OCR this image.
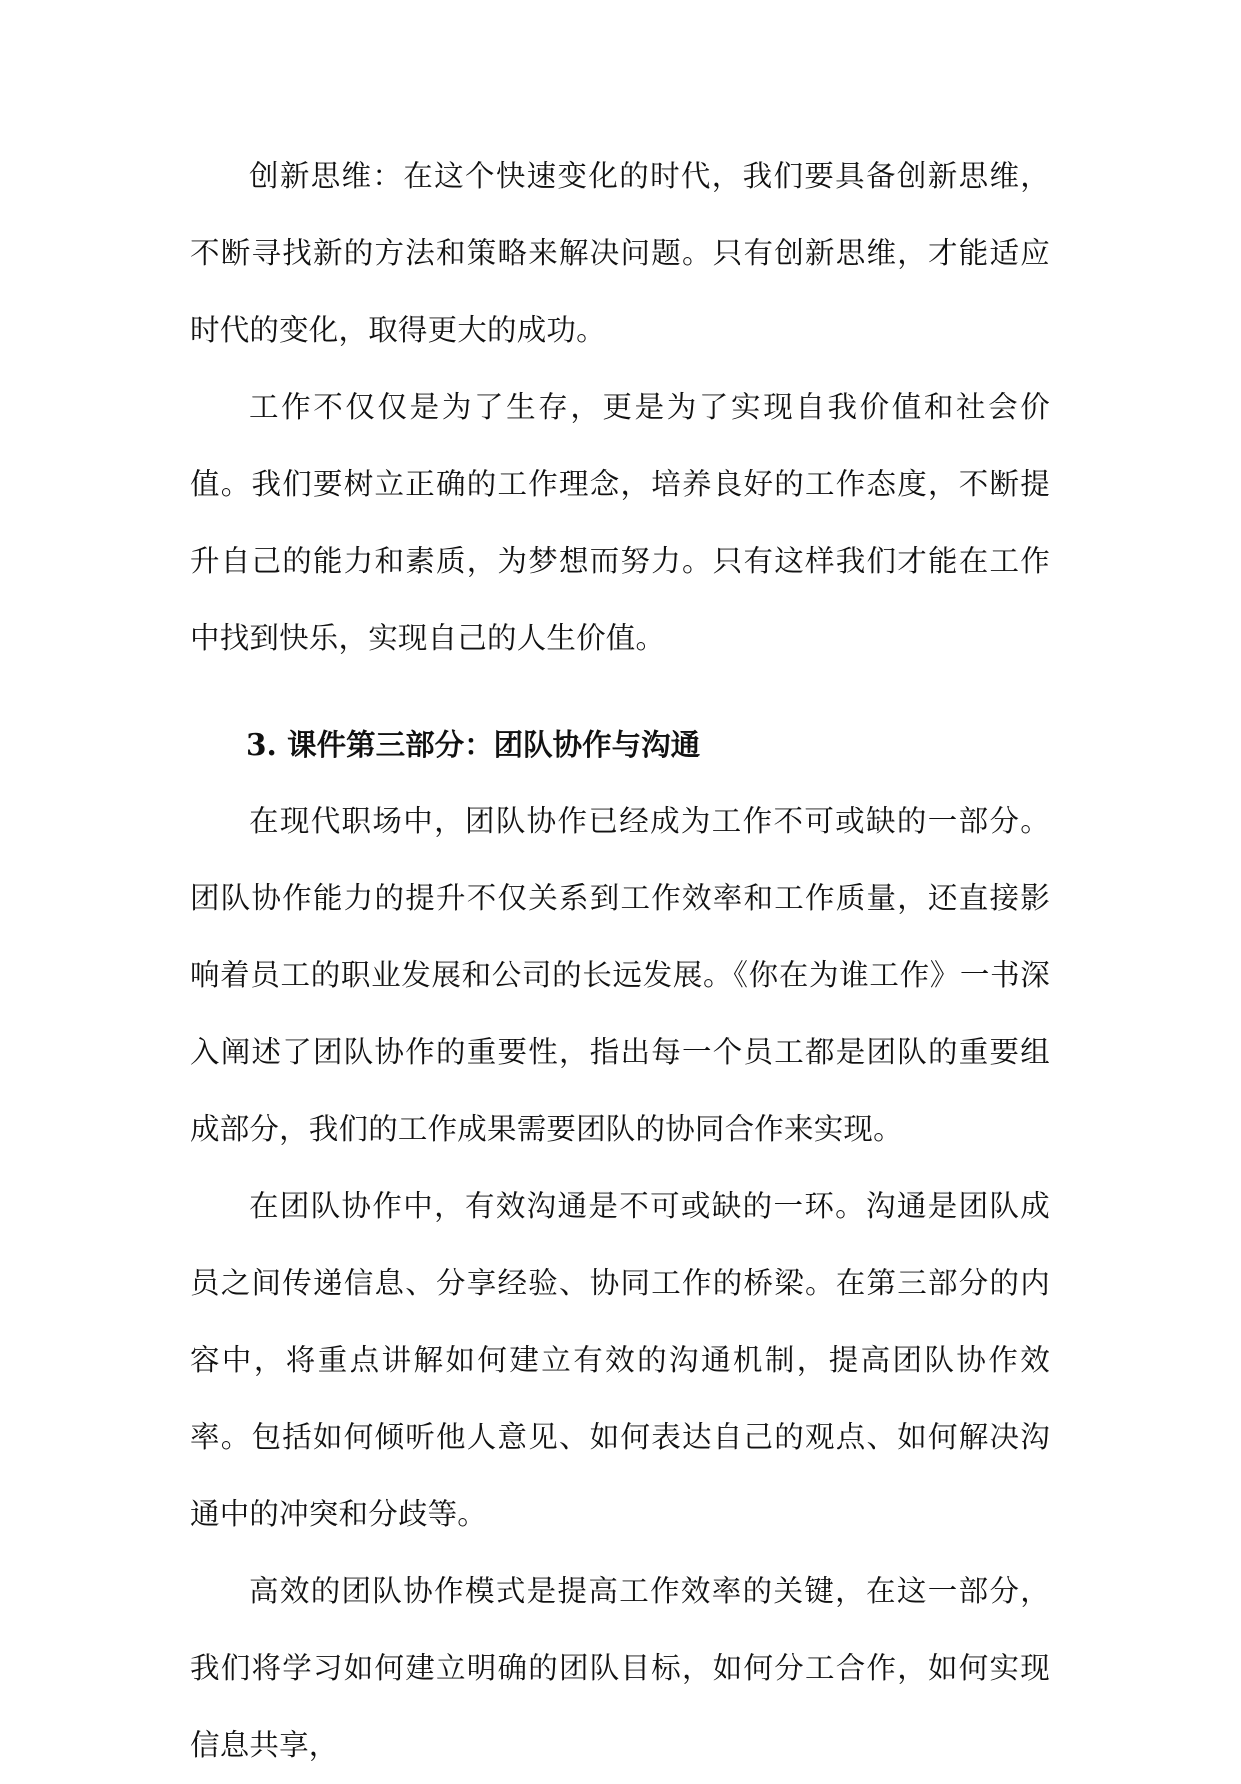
创新思维：在这个快速变化的时代，我们要具备创新思维，不断寻找新的方法和策略来解决问题。只有创新思维，才能适应时代的变化，取得更大的成功。

工作不仅仅是为了生存，更是为了实现自我价值和社会价值。我们要树立正确的工作理念，培养良好的工作态度，不断提升自己的能力和素质，为梦想而努力。只有这样我们才能在工作中找到快乐，实现自己的人生价值。

3. 课件第三部分：团队协作与沟通

在现代职场中，团队协作已经成为工作不可或缺的一部分。团队协作能力的提升不仅关系到工作效率和工作质量，还直接影响着员工的职业发展和公司的长远发展。《你在为谁工作》一书深入阐述了团队协作的重要性，指出每一个员工都是团队的重要组成部分，我们的工作成果需要团队的协同合作来实现。

在团队协作中，有效沟通是不可或缺的一环。沟通是团队成员之间传递信息、分享经验、协同工作的桥梁。在第三部分的内容中，将重点讲解如何建立有效的沟通机制，提高团队协作效率。包括如何倾听他人意见、如何表达自己的观点、如何解决沟通中的冲突和分歧等。

高效的团队协作模式是提高工作效率的关键，在这一部分，我们将学习如何建立明确的团队目标，如何分工合作，如何实现信息共享，
